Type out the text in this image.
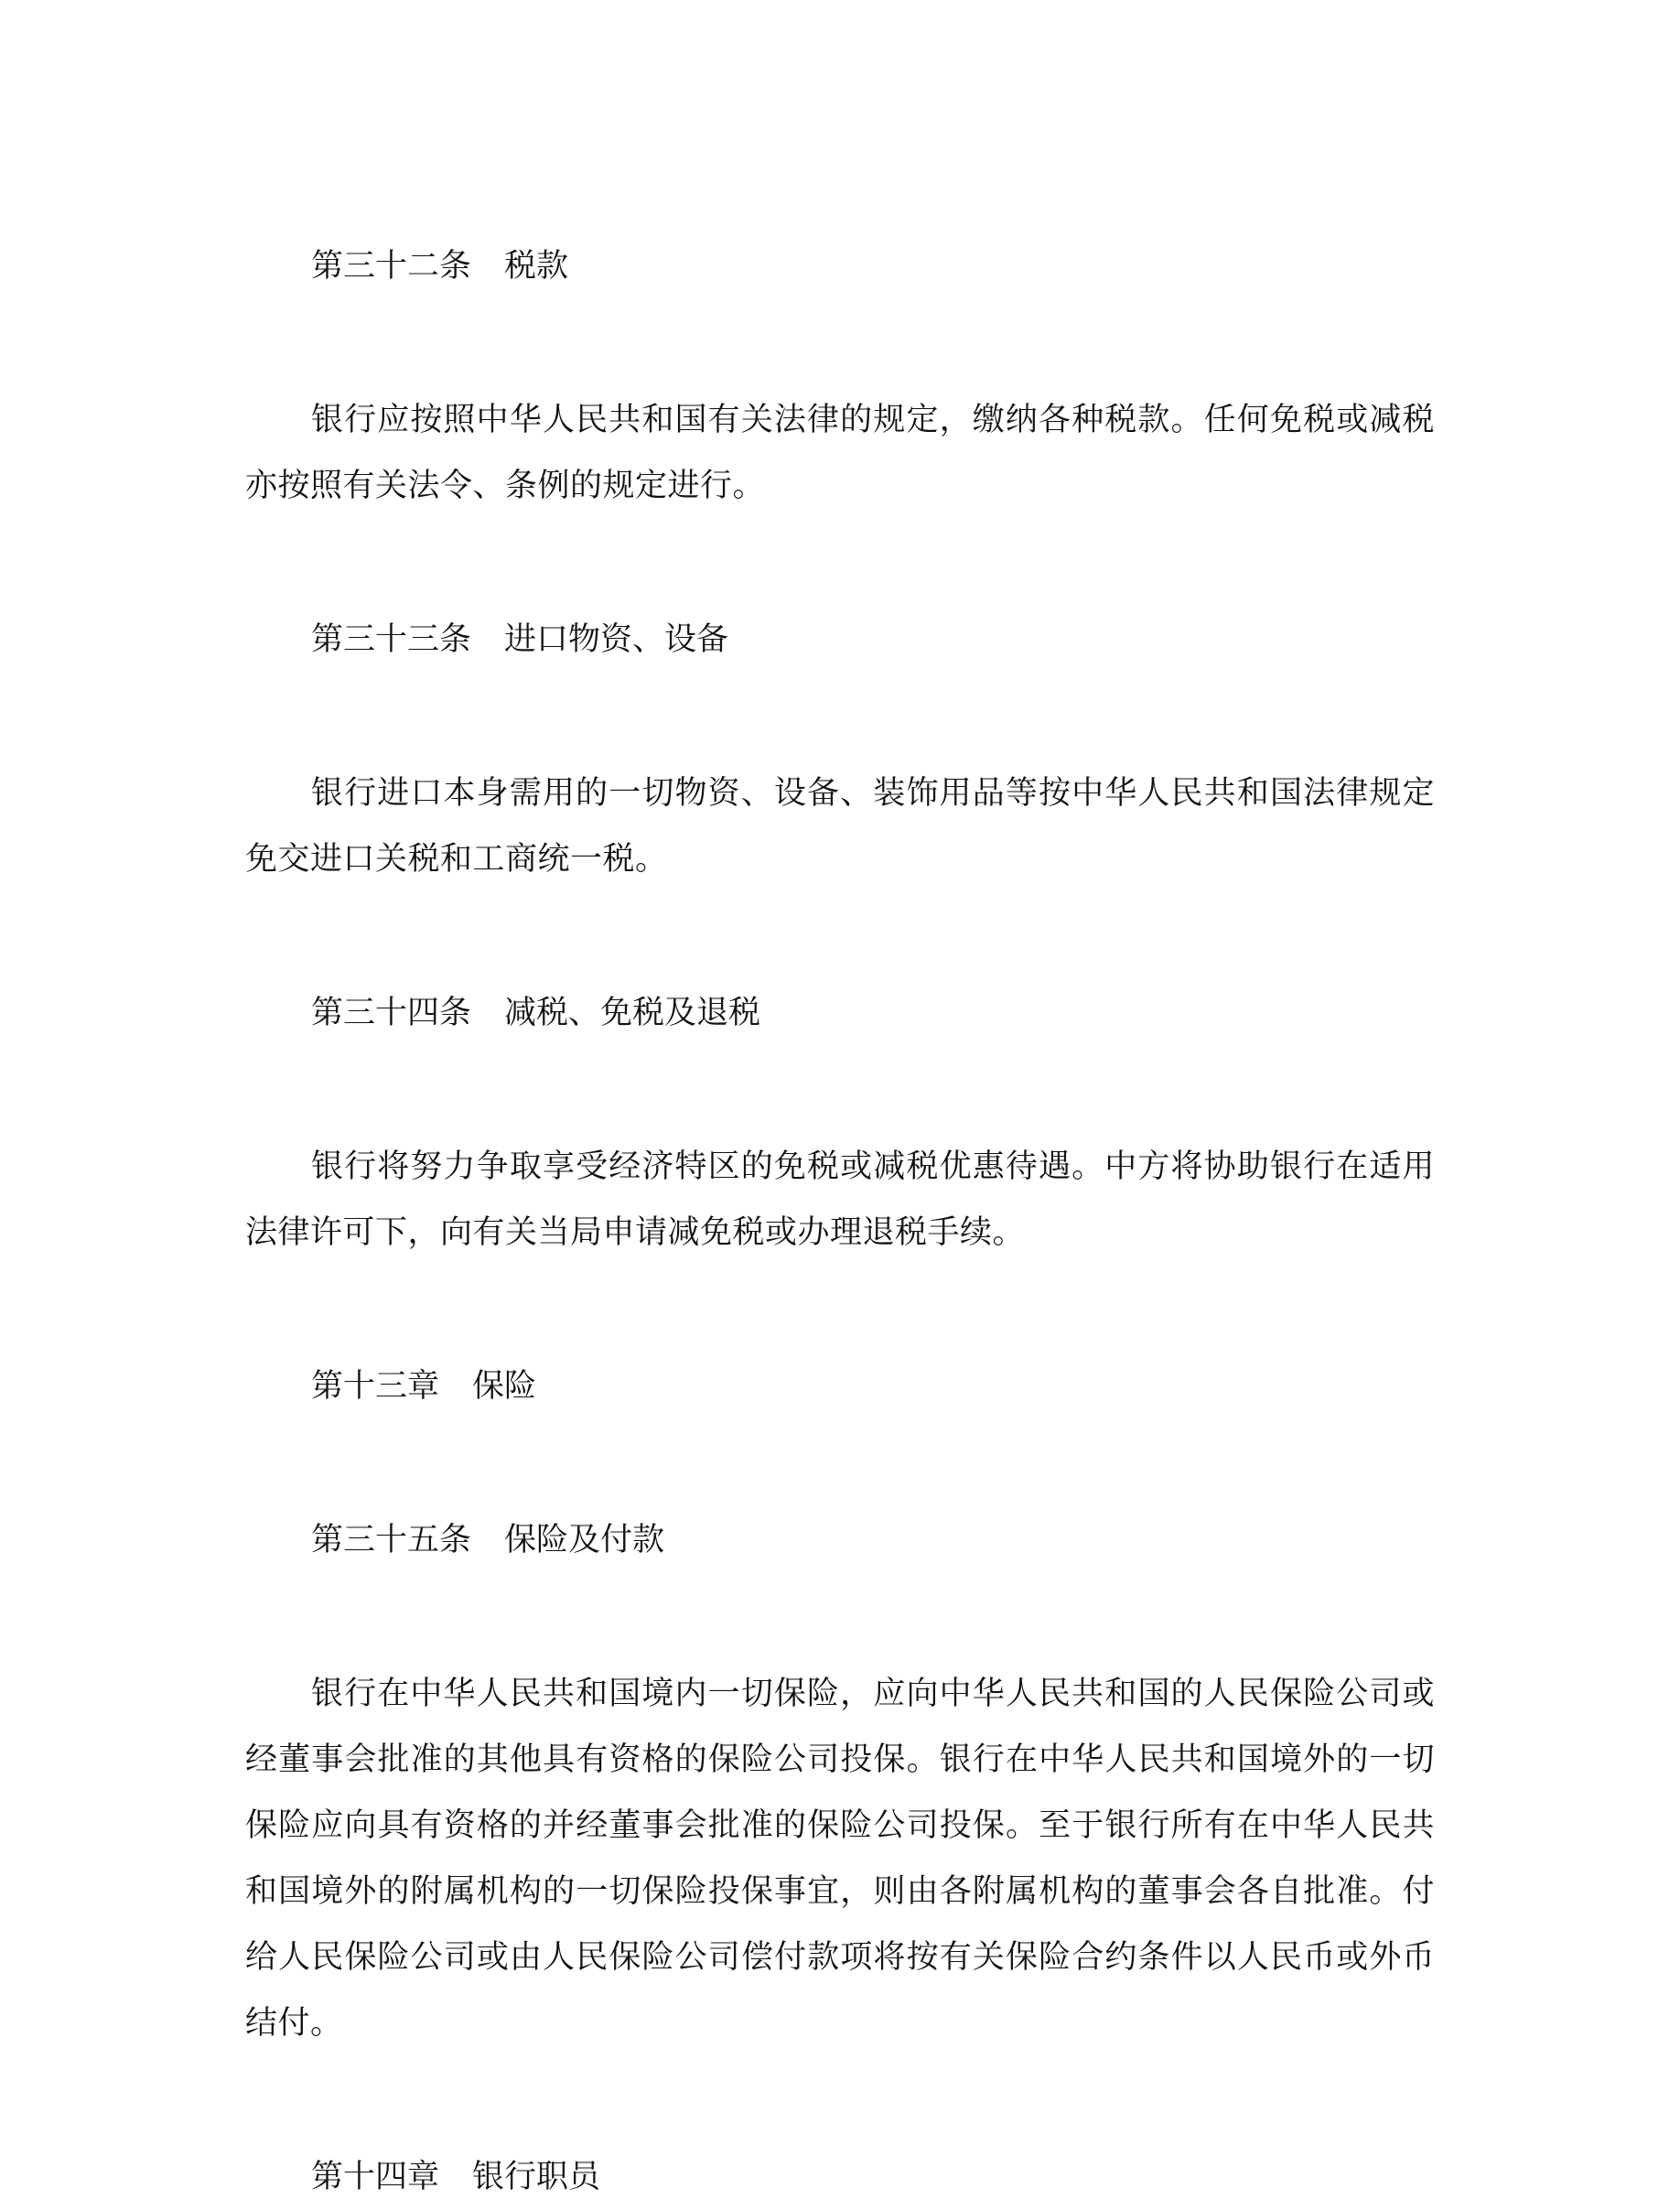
第三十二条 税款

银行应按照中华人民共和国有关法律的规定，缴纳各种税款。任何免税或减税亦按照有关法令、条例的规定进行。

第三十三条 进口物资、设备

银行进口本身需用的一切物资、设备、装饰用品等按中华人民共和国法律规定免交进口关税和工商统一税。

第三十四条 减税、免税及退税

银行将努力争取享受经济特区的免税或减税优惠待遇。中方将协助银行在适用法律许可下，向有关当局申请减免税或办理退税手续。

第十三章 保险

第三十五条 保险及付款

银行在中华人民共和国境内一切保险，应向中华人民共和国的人民保险公司或经董事会批准的其他具有资格的保险公司投保。银行在中华人民共和国境外的一切保险应向具有资格的并经董事会批准的保险公司投保。至于银行所有在中华人民共和国境外的附属机构的一切保险投保事宜，则由各附属机构的董事会各自批准。付给人民保险公司或由人民保险公司偿付款项将按有关保险合约条件以人民币或外币结付。

第十四章 银行职员
